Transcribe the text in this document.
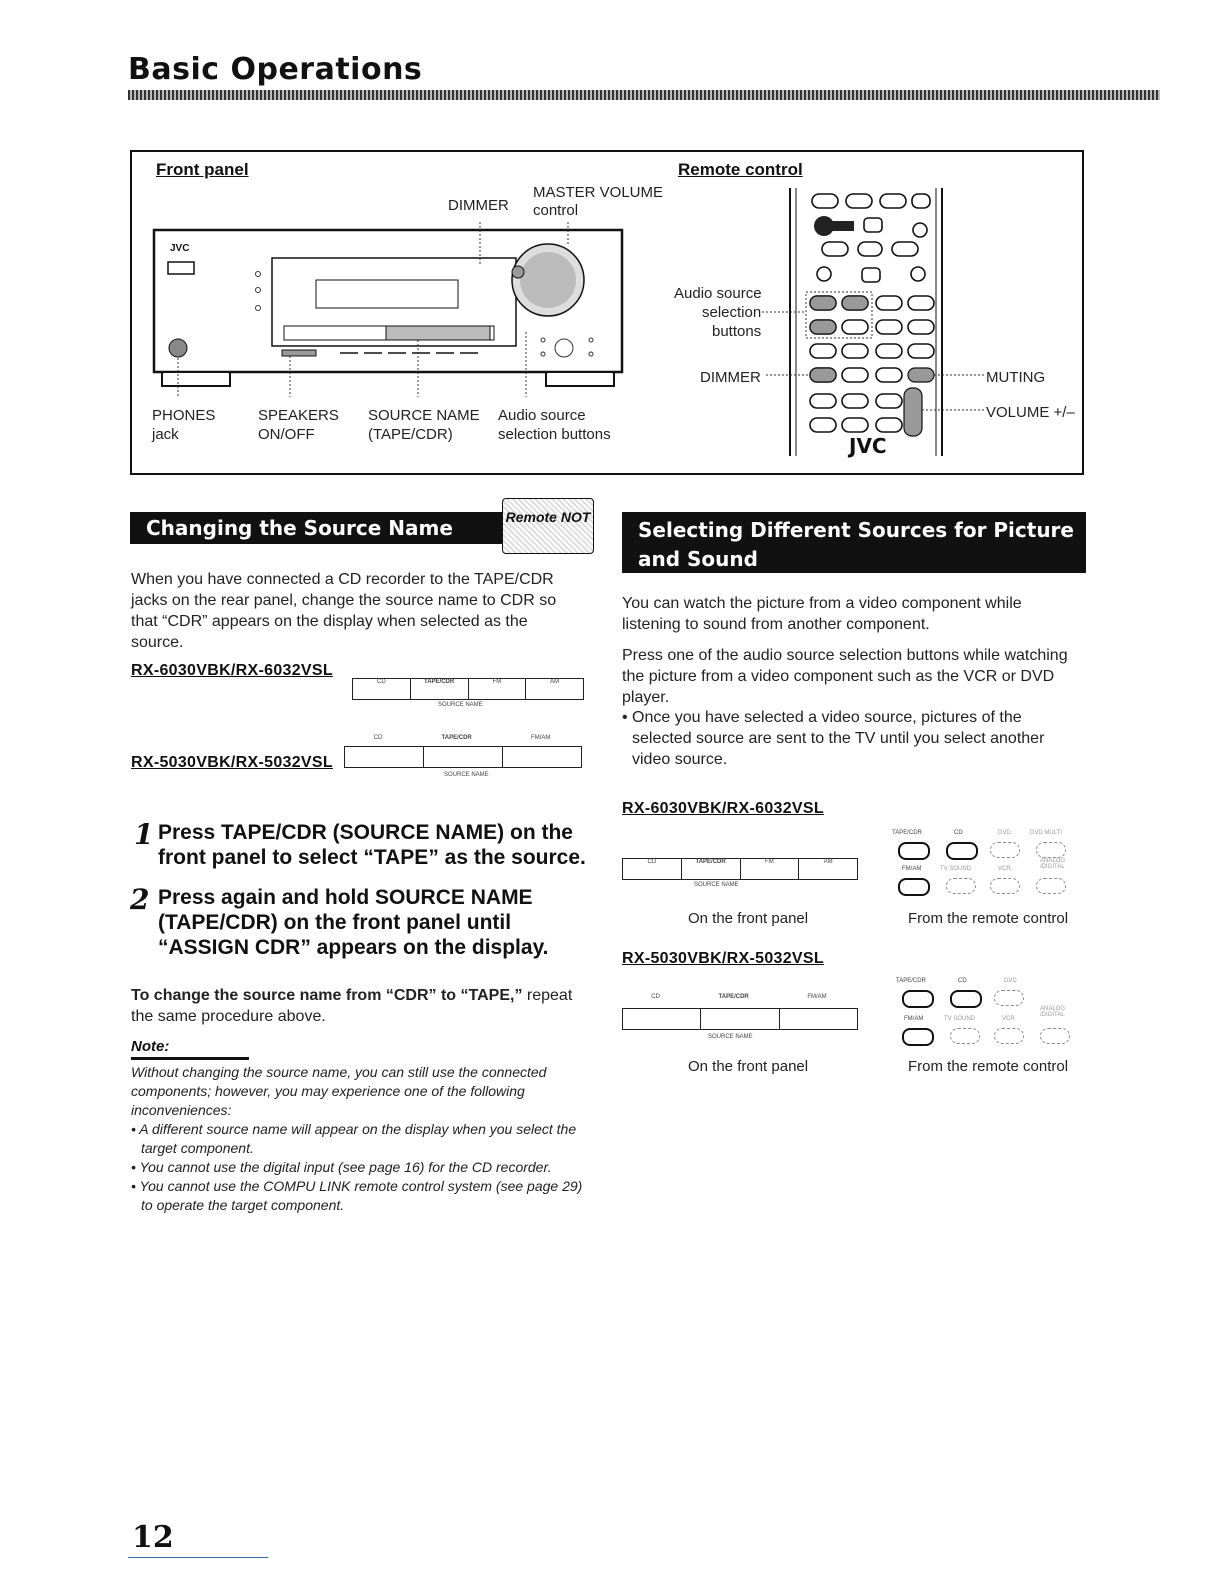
Basic Operations
Front panel	Remote control
MASTER VOLUME
control
DIMMER
JVC
PHONES
jack
SPEAKERS
ON/OFF
SOURCE NAME
(TAPE/CDR)
Audio source
selection buttons
Audio source
selection
buttons
DIMMER	MUTING
VOLUME +/–
JVC
Changing the Source Name	Remote NOT
When you have connected a CD recorder to the TAPE/CDR jacks on the rear panel, change the source name to CDR so that “CDR” appears on the display when selected as the source.
RX-6030VBK/RX-6032VSL
CD	TAPE/CDR	FM	AM
SOURCE NAME
CD	TAPE/CDR	FM/AM
RX-5030VBK/RX-5032VSL
SOURCE NAME
1 Press TAPE/CDR (SOURCE NAME) on the front panel to select “TAPE” as the source.
2 Press again and hold SOURCE NAME (TAPE/CDR) on the front panel until “ASSIGN CDR” appears on the display.
To change the source name from “CDR” to “TAPE,” repeat the same procedure above.
Note:
Without changing the source name, you can still use the connected components; however, you may experience one of the following inconveniences:
• A different source name will appear on the display when you select the target component.
• You cannot use the digital input (see page 16) for the CD recorder.
• You cannot use the COMPU LINK remote control system (see page 29) to operate the target component.
Selecting Different Sources for Picture
and Sound
You can watch the picture from a video component while listening to sound from another component.
Press one of the audio source selection buttons while watching the picture from a video component such as the VCR or DVD player.
• Once you have selected a video source, pictures of the selected source are sent to the TV until you select another video source.
RX-6030VBK/RX-6032VSL
CD	TAPE/CDR	FM	AM
SOURCE NAME
On the front panel
TAPE/CDR	CD	DVD	DVD MULTI
FM/AM	TV SOUND	VCR
ANALOG /DIGITAL
From the remote control
RX-5030VBK/RX-5032VSL
CD	TAPE/CDR	FM/AM
SOURCE NAME
On the front panel
TAPE/CDR	CD	DVD
FM/AM	TV SOUND	VCR
ANALOG /DIGITAL
From the remote control
12
